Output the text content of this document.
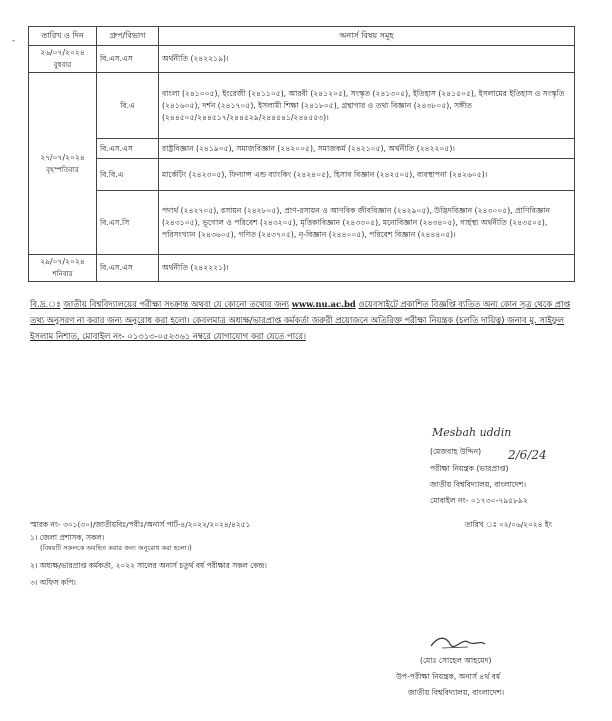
-
তারিখ ও দিন	গ্রুপ/বিভাগ	অনার্স বিষয় সমূহ
২৬/০৭/২০২৪
বুধবার	বি.এস.এস	অর্থনীতি (২৪২২১৯)।
২৭/০৭/২০২৪
বৃহস্পতিবার	বি.এ	বাংলা (২৪১০০৫), ইংরেজী (২৪১১০৫), আরবী (২৪১২০৫), সংস্কৃত (২৪১৩০৫), ইতিহাস (২৪১৫০৫), ইসলামের ইতিহাস ও সংস্কৃতি (২৪১৬০৫), দর্শন (২৪১৭০৫), ইসলামী শিক্ষা (২৪১৮০৫), গ্রন্থাগার ও তথ্য বিজ্ঞান (২৪৩৮০৫), সঙ্গীত (২৪৪৫০৫/২৪৪৫১৭/২৪৪৫২৯/২৪৪৫৪১/২৪৪৫৫৩)।
	বি.এস.এস	রাষ্ট্রবিজ্ঞান (২৪১৯০৫), সমাজবিজ্ঞান (২৪২০০৫), সমাজকর্ম (২৪২১০৫), অর্থনীতি (২৪২২০৫)।
	বি.বি.এ	মার্কেটিং (২৪২৩০৫), ফিন্যান্স এন্ড ব্যাংকিং (২৪২৪০৫), হিসাব বিজ্ঞান (২৪২৫০৫), ব্যবস্থাপনা (২৪২৬০৫)।
	বি.এস.সি	পদার্থ (২৪২৭০৫), রসায়ন (২৪২৮০৫), প্রাণ-রসায়ন ও আণবিক জীববিজ্ঞান (২৪২৯০৫), উদ্ভিদবিজ্ঞান (২৪৩০০৫), প্রাণিবিজ্ঞান (২৪৩১০৫), ভূগোল ও পরিবেশ (২৪৩২০৫), মৃত্তিকাবিজ্ঞান (২৪৩৩০৫), মনোবিজ্ঞান (২৪৩৪০৫), গার্হস্থ্য অর্থনীতি (২৪৩৫০৫), পরিসংখ্যান (২৪৩৬০৫), গণিত (২৪৩৭০৫), নৃ-বিজ্ঞান (২৪৪০০৫), পরিবেশ বিজ্ঞান (২৪৪৪০৫)।
২৯/০৭/২০২৪
শনিবার	বি.এস.এস	অর্থনীতি (২৪২২২১)।
বি.দ্র.ঃ জাতীয় বিশ্ববিদ্যালয়ের পরীক্ষা সংক্রান্ত অথবা যে কোনো তথ্যের জন্য www.nu.ac.bd ওয়েবসাইটে প্রকাশিত বিজ্ঞপ্তি ব্যতিত অন্য কোন সূত্র থেকে প্রাপ্ত তথ্য অনুসরণ না করার জন্য অনুরোধ করা হলো। কেবলমাত্র অধ্যক্ষ/ভারপ্রাপ্ত কর্মকর্তা জরুরী প্রয়োজনে অতিরিক্ত পরীক্ষা নিয়ন্ত্রক (চলতি দায়িত্ব) জনাব মু. সাইফুল ইসলাম নিশাত, মোবাইল নং- ০১৩১৩-০৫২৩৬১ নম্বরে যোগাযোগ করা যেতে পারে।
Mesbah uddin
2/6/24
(মেজবাহ উদ্দিন)
পরীক্ষা নিয়ন্ত্রক (ভারপ্রাপ্ত)
জাতীয় বিশ্ববিদ্যালয়, বাংলাদেশ।
মোবাইল নং- ০১৭৩০-৭৯৫৮৯২
স্মারক নং- ৩০১(৩০)/জাতীয়বিঃ/পরীঃ/অনার্স পার্ট-৪/২০২২/২০২৪/৪২৫১	তারিখ ঃ ০২/০৬/২০২৪ ইং

১। জেলা প্রশাসক, সকল।

(বিষয়টি সকলকে অবহিত করার জন্য অনুরোধ করা হলো।)

২। অধ্যক্ষ/ভারপ্রাপ্ত কর্মকর্তা, ২০২২ সালের অনার্স চতুর্থ বর্ষ পরীক্ষার সকল কেন্দ্র।

৩। অফিস কপি।

(মোঃ সোহেল আহমেদ)
উপ-পরীক্ষা নিয়ন্ত্রক, অনার্স ৪র্থ বর্ষ
জাতীয় বিশ্ববিদ্যালয়, বাংলাদেশ।
